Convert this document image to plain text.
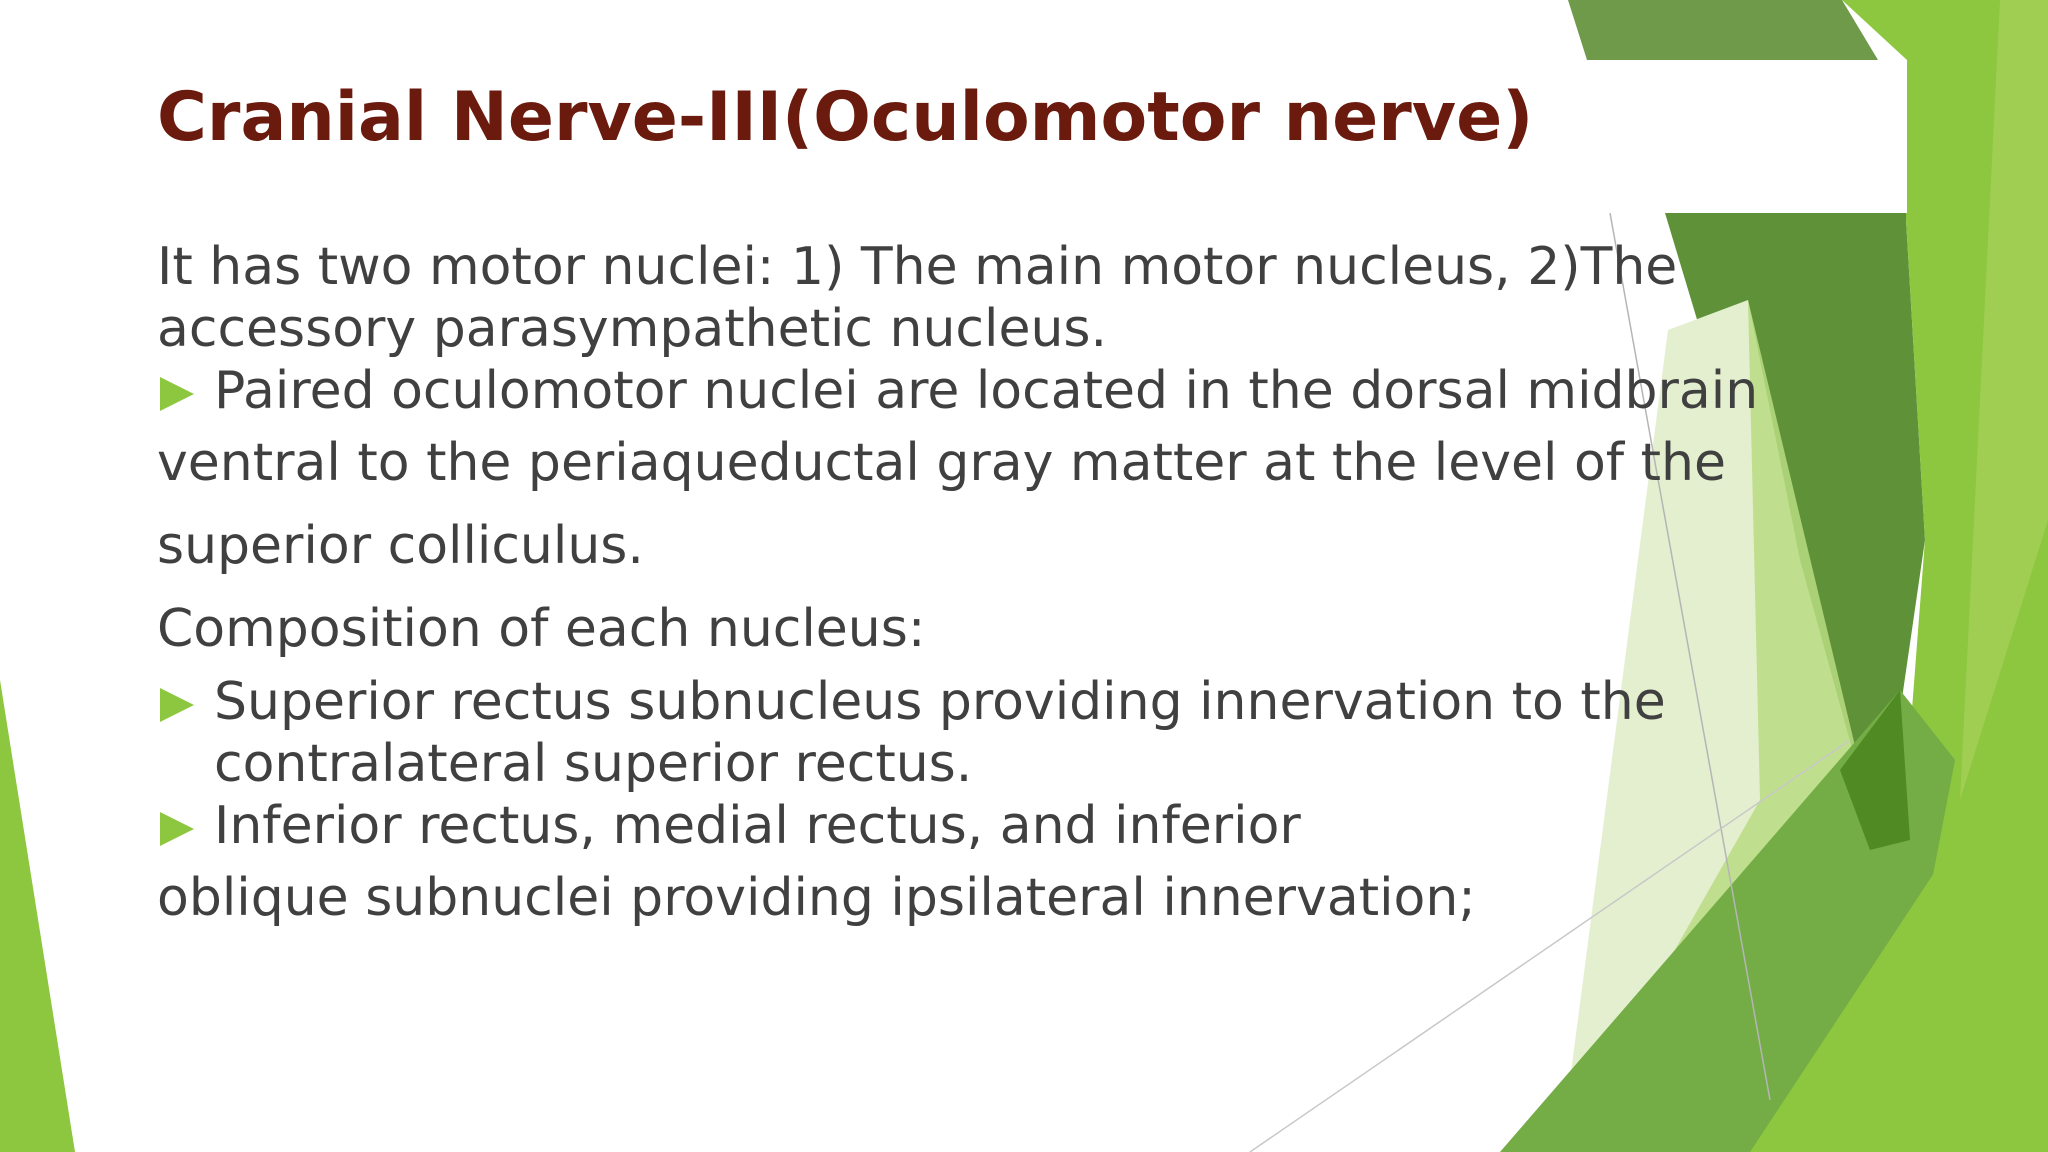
Cranial Nerve-III(Oculomotor nerve)

It has two motor nuclei: 1) The main motor nucleus, 2)The accessory parasympathetic nucleus.

Paired oculomotor nuclei are located in the dorsal midbrain

ventral to the periaqueductal gray matter at the level of the superior colliculus.

Composition of each nucleus:

Superior rectus subnucleus providing innervation to the contralateral superior rectus.
Inferior rectus, medial rectus, and inferior

oblique subnuclei providing ipsilateral innervation;
